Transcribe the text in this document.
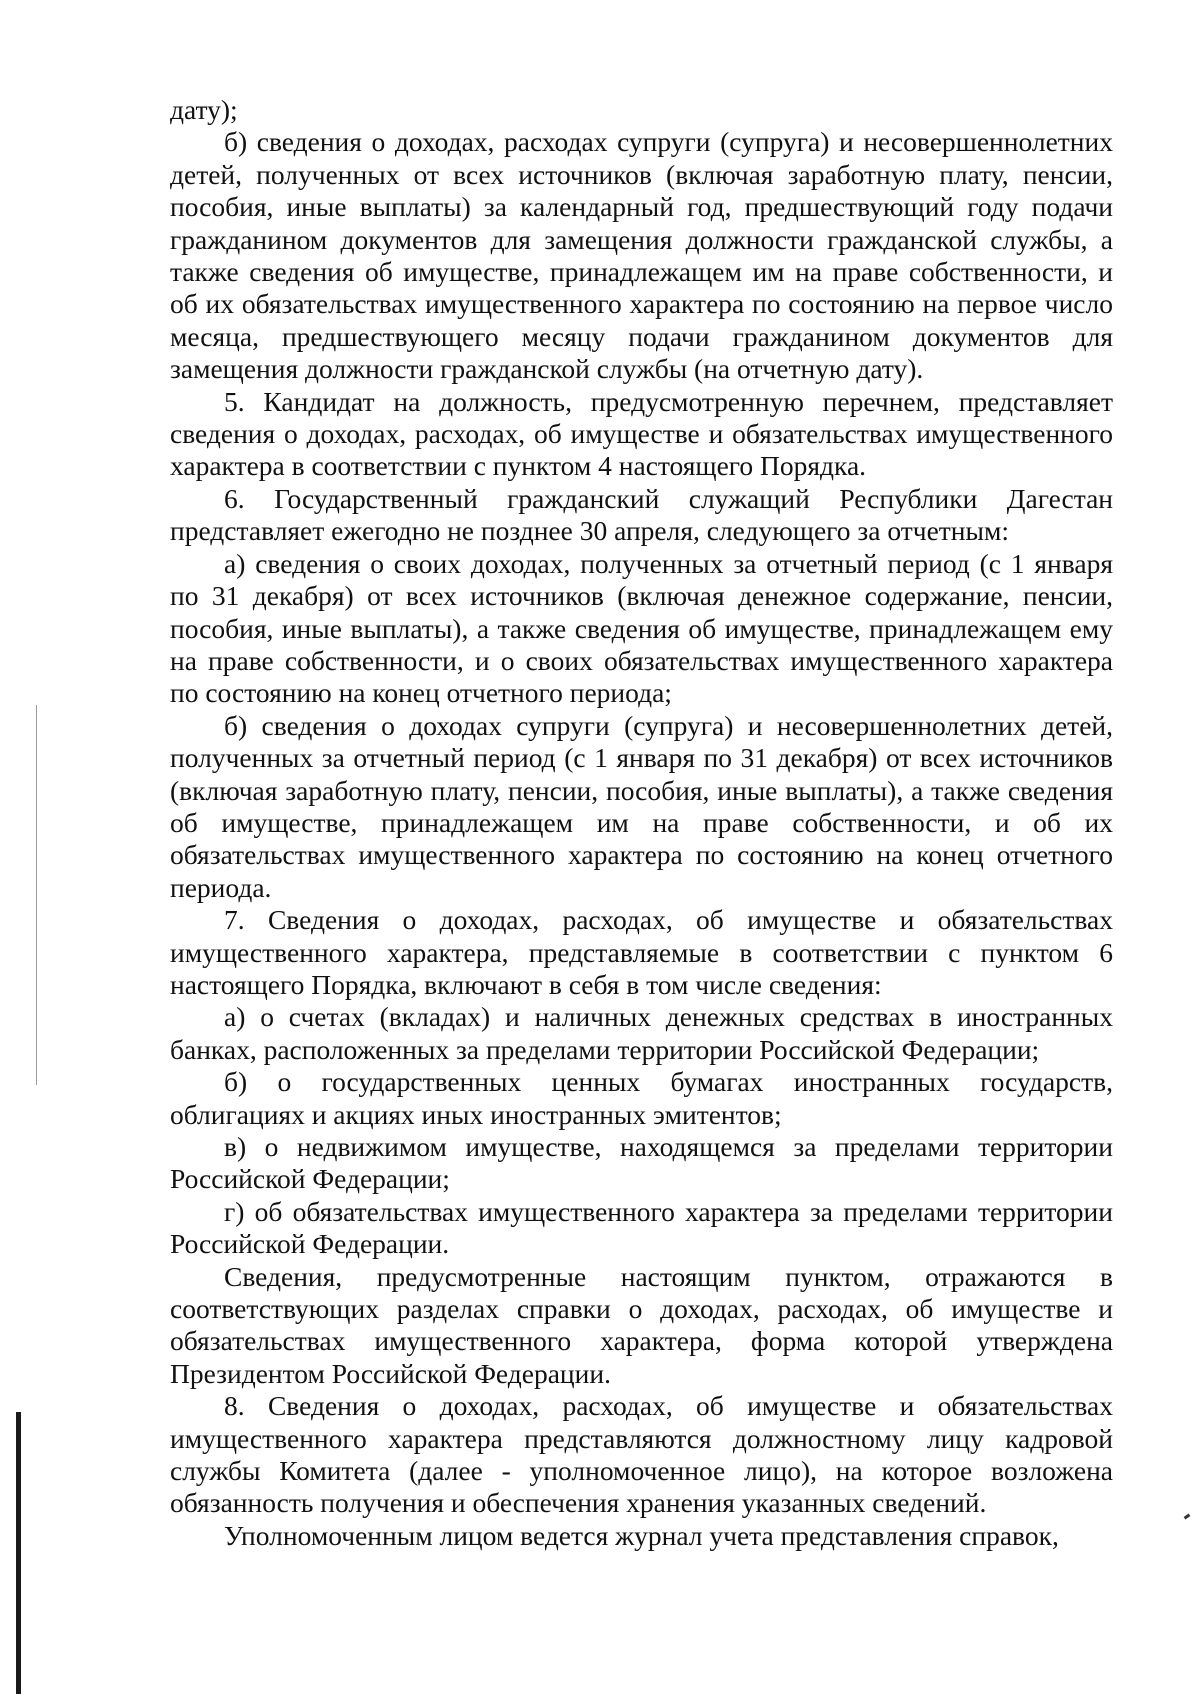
дату);

б) сведения о доходах, расходах супруги (супруга) и несовершеннолетних детей, полученных от всех источников (включая заработную плату, пенсии, пособия, иные выплаты) за календарный год, предшествующий году подачи гражданином документов для замещения должности гражданской службы, а также сведения об имуществе, принадлежащем им на праве собственности, и об их обязательствах имущественного характера по состоянию на первое число месяца, предшествующего месяцу подачи гражданином документов для замещения должности гражданской службы (на отчетную дату).

5. Кандидат на должность, предусмотренную перечнем, представляет сведения о доходах, расходах, об имуществе и обязательствах имущественного характера в соответствии с пунктом 4 настоящего Порядка.

6. Государственный гражданский служащий Республики Дагестан представляет ежегодно не позднее 30 апреля, следующего за отчетным:

а) сведения о своих доходах, полученных за отчетный период (с 1 января по 31 декабря) от всех источников (включая денежное содержание, пенсии, пособия, иные выплаты), а также сведения об имуществе, принадлежащем ему на праве собственности, и о своих обязательствах имущественного характера по состоянию на конец отчетного периода;

б) сведения о доходах супруги (супруга) и несовершеннолетних детей, полученных за отчетный период (с 1 января по 31 декабря) от всех источников (включая заработную плату, пенсии, пособия, иные выплаты), а также сведения об имуществе, принадлежащем им на праве собственности, и об их обязательствах имущественного характера по состоянию на конец отчетного периода.

7. Сведения о доходах, расходах, об имуществе и обязательствах имущественного характера, представляемые в соответствии с пунктом 6 настоящего Порядка, включают в себя в том числе сведения:

а) о счетах (вкладах) и наличных денежных средствах в иностранных банках, расположенных за пределами территории Российской Федерации;

б) о государственных ценных бумагах иностранных государств, облигациях и акциях иных иностранных эмитентов;

в) о недвижимом имуществе, находящемся за пределами территории Российской Федерации;

г) об обязательствах имущественного характера за пределами территории Российской Федерации.

Сведения, предусмотренные настоящим пунктом, отражаются в соответствующих разделах справки о доходах, расходах, об имуществе и обязательствах имущественного характера, форма которой утверждена Президентом Российской Федерации.

8. Сведения о доходах, расходах, об имуществе и обязательствах имущественного характера представляются должностному лицу кадровой службы Комитета (далее - уполномоченное лицо), на которое возложена обязанность получения и обеспечения хранения указанных сведений.

Уполномоченным лицом ведется журнал учета представления справок,
